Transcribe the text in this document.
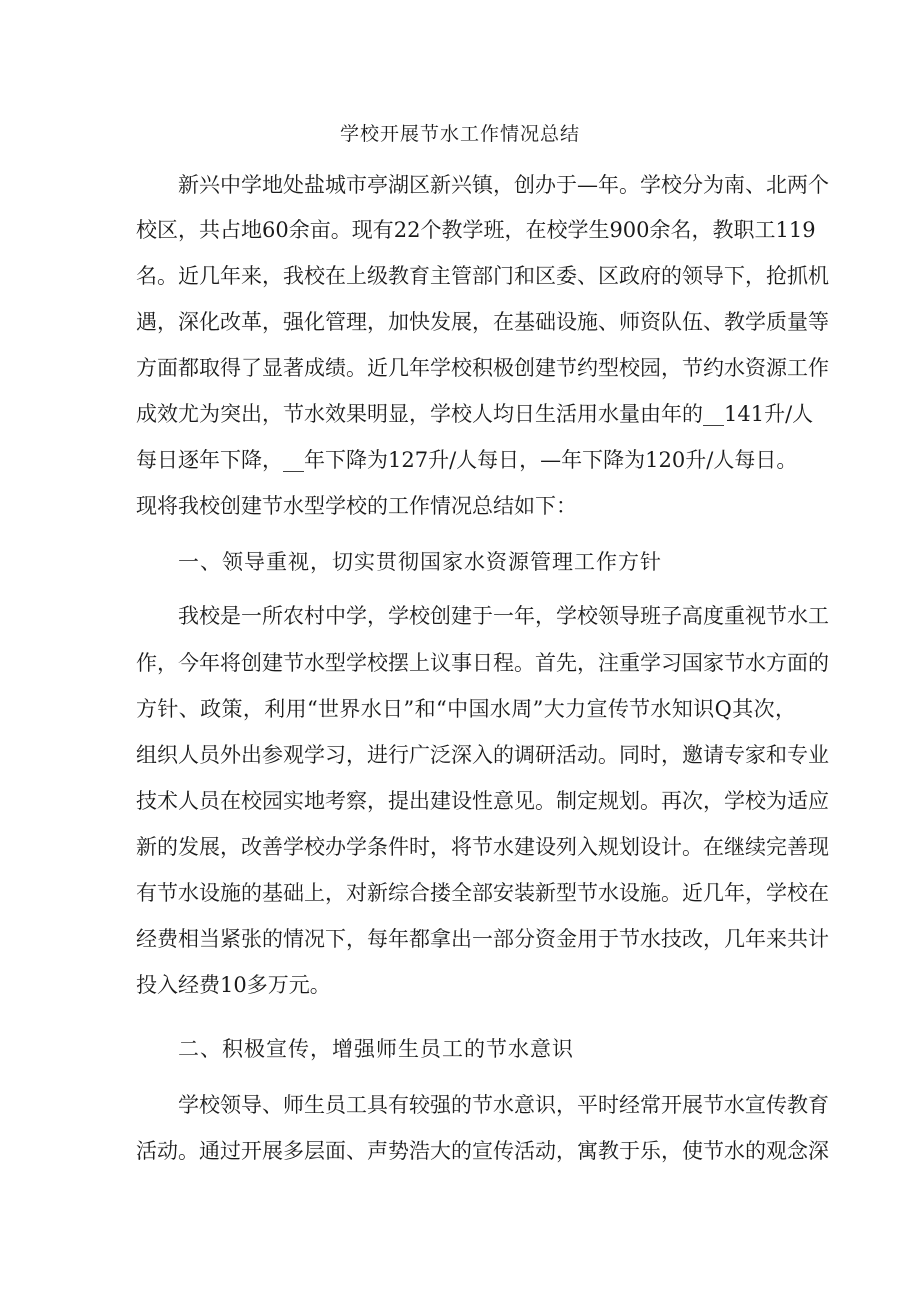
学校开展节水工作情况总结
新兴中学地处盐城市亭湖区新兴镇，创办于—年。学校分为南、北两个
校区，共占地60余亩。现有22个教学班，在校学生900余名，教职工119
名。近几年来，我校在上级教育主管部门和区委、区政府的领导下，抢抓机
遇，深化改革，强化管理，加快发展，在基础设施、师资队伍、教学质量等
方面都取得了显著成绩。近几年学校积极创建节约型校园，节约水资源工作
成效尤为突出，节水效果明显，学校人均日生活用水量由年的__141升/人
每日逐年下降，__年下降为127升/人每日，—年下降为120升/人每日。
现将我校创建节水型学校的工作情况总结如下：
一、领导重视，切实贯彻国家水资源管理工作方针
我校是一所农村中学，学校创建于一年，学校领导班子高度重视节水工
作，今年将创建节水型学校摆上议事日程。首先，注重学习国家节水方面的
方针、政策，利用“世界水日”和“中国水周”大力宣传节水知识Q其次，
组织人员外出参观学习，进行广泛深入的调研活动。同时，邀请专家和专业
技术人员在校园实地考察，提出建设性意见。制定规划。再次，学校为适应
新的发展，改善学校办学条件时，将节水建设列入规划设计。在继续完善现
有节水设施的基础上，对新综合搂全部安装新型节水设施。近几年，学校在
经费相当紧张的情况下，每年都拿出一部分资金用于节水技改，几年来共计
投入经费10多万元。
二、积极宣传，增强师生员工的节水意识
学校领导、师生员工具有较强的节水意识，平时经常开展节水宣传教育
活动。通过开展多层面、声势浩大的宣传活动，寓教于乐，使节水的观念深
